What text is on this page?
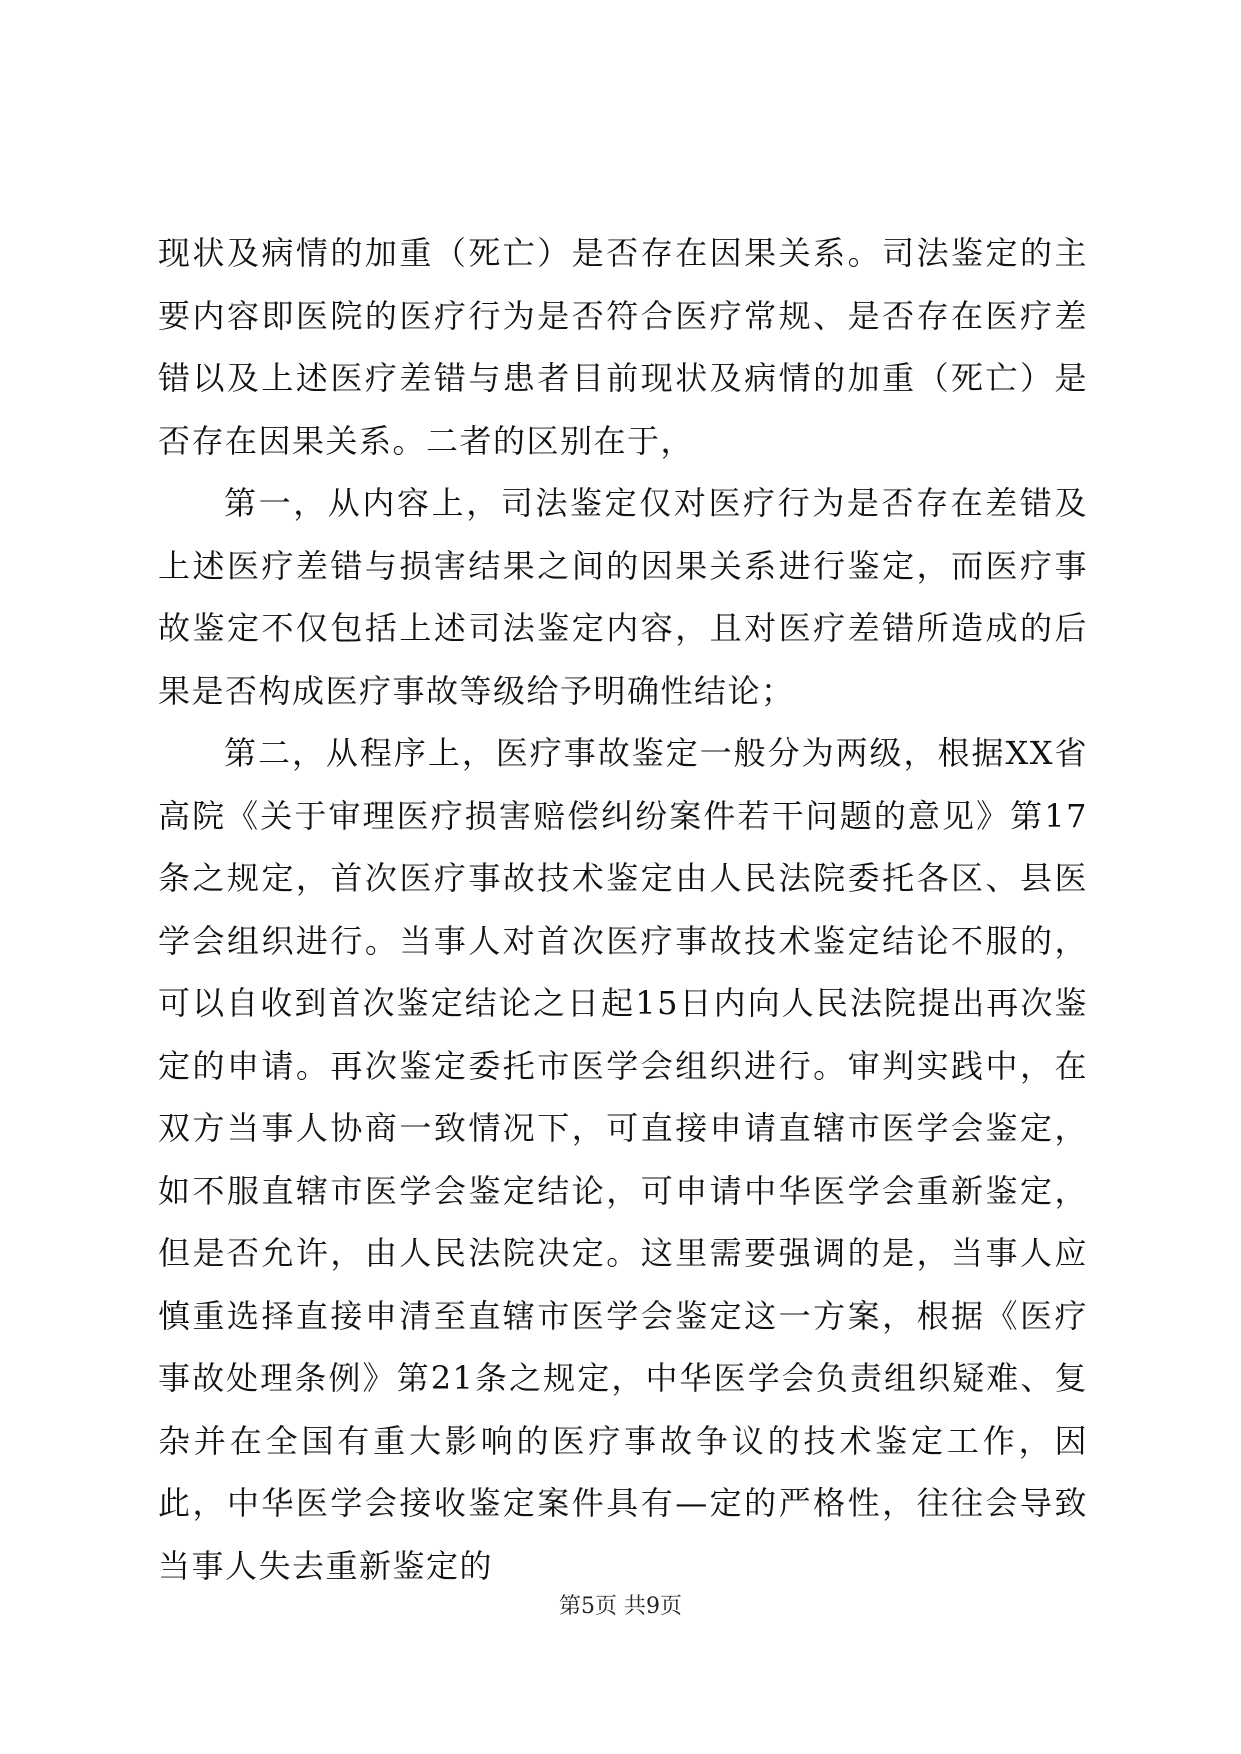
现状及病情的加重（死亡）是否存在因果关系。司法鉴定的主要内容即医院的医疗行为是否符合医疗常规、是否存在医疗差错以及上述医疗差错与患者目前现状及病情的加重（死亡）是否存在因果关系。二者的区别在于，

第一，从内容上，司法鉴定仅对医疗行为是否存在差错及上述医疗差错与损害结果之间的因果关系进行鉴定，而医疗事故鉴定不仅包括上述司法鉴定内容，且对医疗差错所造成的后果是否构成医疗事故等级给予明确性结论；

第二，从程序上，医疗事故鉴定一般分为两级，根据XX省高院《关于审理医疗损害赔偿纠纷案件若干问题的意见》第17条之规定，首次医疗事故技术鉴定由人民法院委托各区、县医学会组织进行。当事人对首次医疗事故技术鉴定结论不服的，可以自收到首次鉴定结论之日起15日内向人民法院提出再次鉴定的申请。再次鉴定委托市医学会组织进行。审判实践中，在双方当事人协商一致情况下，可直接申请直辖市医学会鉴定，如不服直辖市医学会鉴定结论，可申请中华医学会重新鉴定，但是否允许，由人民法院决定。这里需要强调的是，当事人应慎重选择直接申清至直辖市医学会鉴定这一方案，根据《医疗事故处理条例》第21条之规定，中华医学会负责组织疑难、复杂并在全国有重大影响的医疗事故争议的技术鉴定工作，因此，中华医学会接收鉴定案件具有—定的严格性，往往会导致当事人失去重新鉴定的

第5页 共9页
